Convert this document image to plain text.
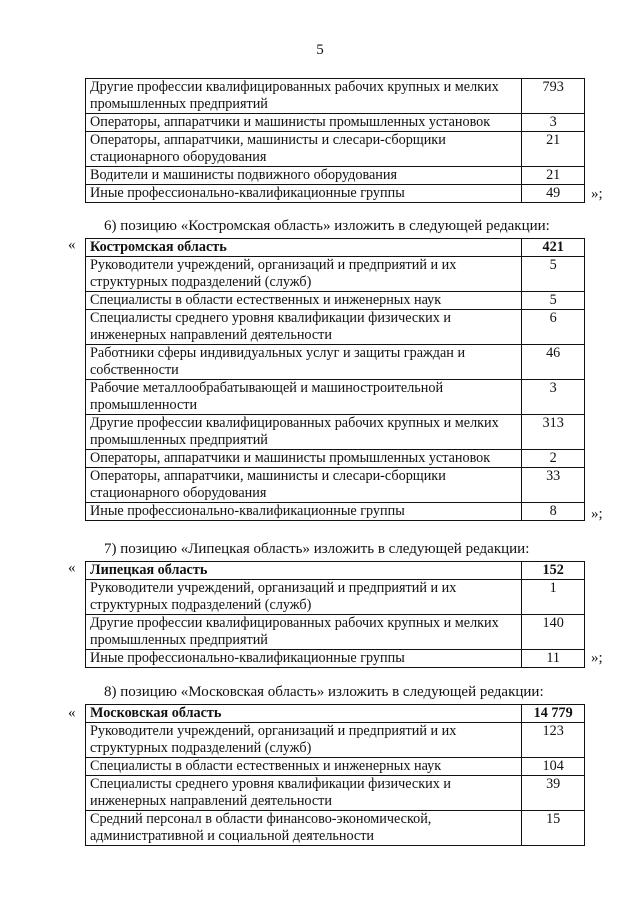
5
Другие профессии квалифицированных рабочих крупных и мелких промышленных предприятий	793
Операторы, аппаратчики и машинисты промышленных установок	3
Операторы, аппаратчики, машинисты и слесари-сборщики стационарного оборудования	21
Водители и машинисты подвижного оборудования	21
Иные профессионально-квалификационные группы	49 »;
6) позицию «Костромская область» изложить в следующей редакции:
« Костромская область	421
Руководители учреждений, организаций и предприятий и их структурных подразделений (служб)	5
Специалисты в области естественных и инженерных наук	5
Специалисты среднего уровня квалификации физических и инженерных направлений деятельности	6
Работники сферы индивидуальных услуг и защиты граждан и собственности	46
Рабочие металлообрабатывающей и машиностроительной промышленности	3
Другие профессии квалифицированных рабочих крупных и мелких промышленных предприятий	313
Операторы, аппаратчики и машинисты промышленных установок	2
Операторы, аппаратчики, машинисты и слесари-сборщики стационарного оборудования	33
Иные профессионально-квалификационные группы	8 »;
7) позицию «Липецкая область» изложить в следующей редакции:
« Липецкая область	152
Руководители учреждений, организаций и предприятий и их структурных подразделений (служб)	1
Другие профессии квалифицированных рабочих крупных и мелких промышленных предприятий	140
Иные профессионально-квалификационные группы	11 »;
8) позицию «Московская область» изложить в следующей редакции:
« Московская область	14 779
Руководители учреждений, организаций и предприятий и их структурных подразделений (служб)	123
Специалисты в области естественных и инженерных наук	104
Специалисты среднего уровня квалификации физических и инженерных направлений деятельности	39
Средний персонал в области финансово-экономической, административной и социальной деятельности	15
